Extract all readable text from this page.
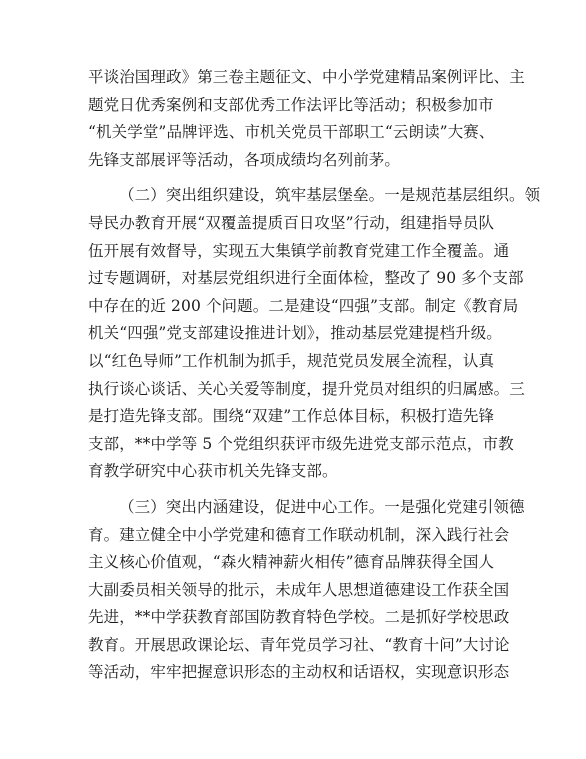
平谈治国理政》第三卷主题征文、中小学党建精品案例评比、主
题党日优秀案例和支部优秀工作法评比等活动；积极参加市
“机关学堂”品牌评选、市机关党员干部职工“云朗读”大赛、
先锋支部展评等活动，各项成绩均名列前茅。
（二）突出组织建设，筑牢基层堡垒。一是规范基层组织。领
导民办教育开展“双覆盖提质百日攻坚”行动，组建指导员队
伍开展有效督导，实现五大集镇学前教育党建工作全覆盖。通
过专题调研，对基层党组织进行全面体检，整改了 90 多个支部
中存在的近 200 个问题。二是建设“四强”支部。制定《教育局
机关“四强”党支部建设推进计划》，推动基层党建提档升级。
以“红色导师”工作机制为抓手，规范党员发展全流程，认真
执行谈心谈话、关心关爱等制度，提升党员对组织的归属感。三
是打造先锋支部。围绕“双建”工作总体目标，积极打造先锋
支部，**中学等 5 个党组织获评市级先进党支部示范点，市教
育教学研究中心获市机关先锋支部。
（三）突出内涵建设，促进中心工作。一是强化党建引领德
育。建立健全中小学党建和德育工作联动机制，深入践行社会
主义核心价值观，“森火精神薪火相传”德育品牌获得全国人
大副委员相关领导的批示，未成年人思想道德建设工作获全国
先进，**中学获教育部国防教育特色学校。二是抓好学校思政
教育。开展思政课论坛、青年党员学习社、“教育十问”大讨论
等活动，牢牢把握意识形态的主动权和话语权，实现意识形态
